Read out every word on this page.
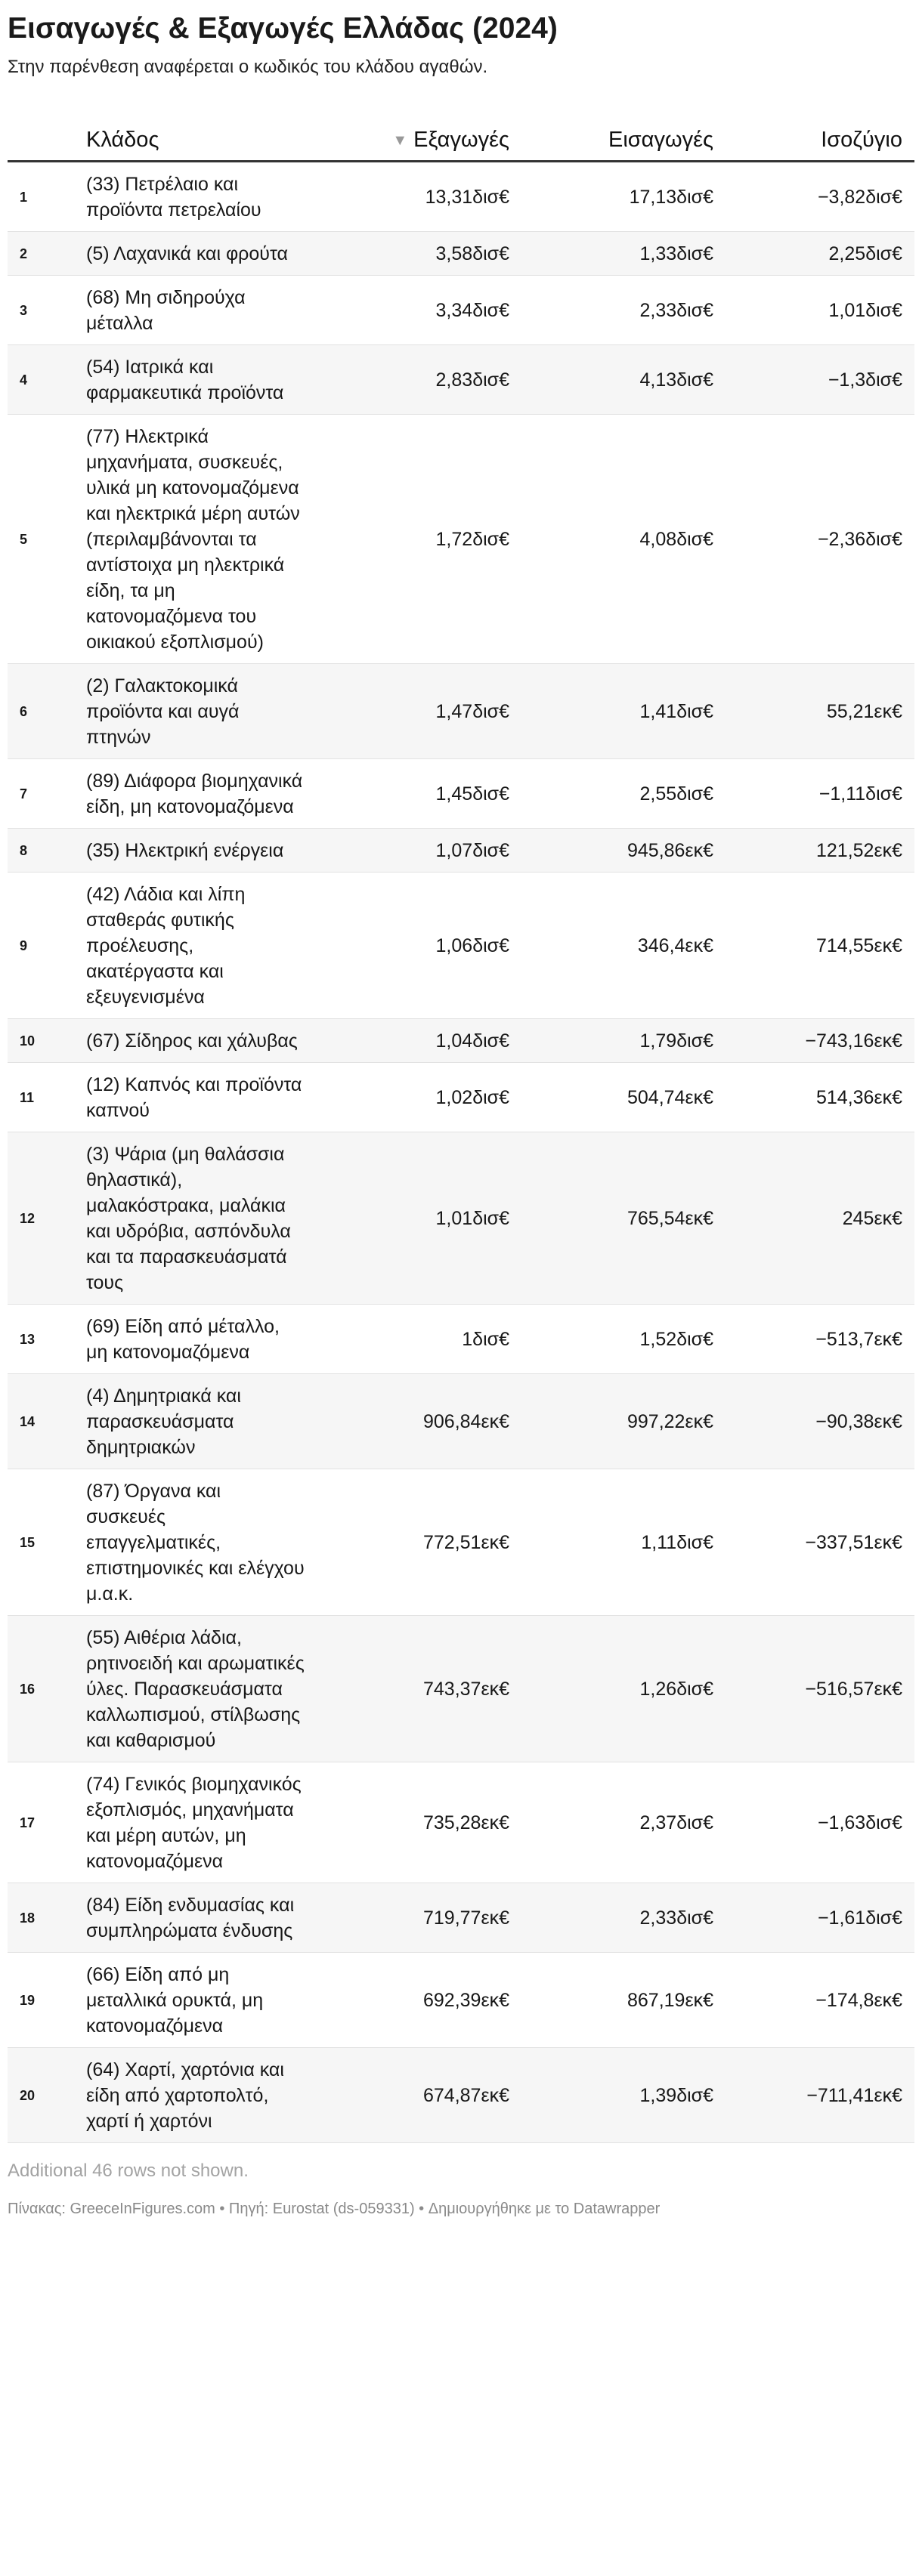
Εισαγωγές & Εξαγωγές Ελλάδας (2024)
Στην παρένθεση αναφέρεται ο κωδικός του κλάδου αγαθών.
	Κλάδος	▼ Εξαγωγές	Εισαγωγές	Ισοζύγιο
1	(33) Πετρέλαιο και προϊόντα πετρελαίου	13,31δισ€	17,13δισ€	−3,82δισ€
2	(5) Λαχανικά και φρούτα	3,58δισ€	1,33δισ€	2,25δισ€
3	(68) Μη σιδηρούχα μέταλλα	3,34δισ€	2,33δισ€	1,01δισ€
4	(54) Ιατρικά και φαρμακευτικά προϊόντα	2,83δισ€	4,13δισ€	−1,3δισ€
5	(77) Ηλεκτρικά μηχανήματα, συσκευές, υλικά μη κατονομαζόμενα και ηλεκτρικά μέρη αυτών (περιλαμβάνονται τα αντίστοιχα μη ηλεκτρικά είδη, τα μη κατονομαζόμενα του οικιακού εξοπλισμού)	1,72δισ€	4,08δισ€	−2,36δισ€
6	(2) Γαλακτοκομικά προϊόντα και αυγά πτηνών	1,47δισ€	1,41δισ€	55,21εκ€
7	(89) Διάφορα βιομηχανικά είδη, μη κατονομαζόμενα	1,45δισ€	2,55δισ€	−1,11δισ€
8	(35) Ηλεκτρική ενέργεια	1,07δισ€	945,86εκ€	121,52εκ€
9	(42) Λάδια και λίπη σταθεράς φυτικής προέλευσης, ακατέργαστα και εξευγενισμένα	1,06δισ€	346,4εκ€	714,55εκ€
10	(67) Σίδηρος και χάλυβας	1,04δισ€	1,79δισ€	−743,16εκ€
11	(12) Καπνός και προϊόντα καπνού	1,02δισ€	504,74εκ€	514,36εκ€
12	(3) Ψάρια (μη θαλάσσια θηλαστικά), μαλακόστρακα, μαλάκια και υδρόβια, ασπόνδυλα και τα παρασκευάσματά τους	1,01δισ€	765,54εκ€	245εκ€
13	(69) Είδη από μέταλλο, μη κατονομαζόμενα	1δισ€	1,52δισ€	−513,7εκ€
14	(4) Δημητριακά και παρασκευάσματα δημητριακών	906,84εκ€	997,22εκ€	−90,38εκ€
15	(87) Όργανα και συσκευές επαγγελματικές, επιστημονικές και ελέγχου μ.α.κ.	772,51εκ€	1,11δισ€	−337,51εκ€
16	(55) Αιθέρια λάδια, ρητινοειδή και αρωματικές ύλες. Παρασκευάσματα καλλωπισμού, στίλβωσης και καθαρισμού	743,37εκ€	1,26δισ€	−516,57εκ€
17	(74) Γενικός βιομηχανικός εξοπλισμός, μηχανήματα και μέρη αυτών, μη κατονομαζόμενα	735,28εκ€	2,37δισ€	−1,63δισ€
18	(84) Είδη ενδυμασίας και συμπληρώματα ένδυσης	719,77εκ€	2,33δισ€	−1,61δισ€
19	(66) Είδη από μη μεταλλικά ορυκτά, μη κατονομαζόμενα	692,39εκ€	867,19εκ€	−174,8εκ€
20	(64) Χαρτί, χαρτόνια και είδη από χαρτοπολτό, χαρτί ή χαρτόνι	674,87εκ€	1,39δισ€	−711,41εκ€
Additional 46 rows not shown.
Πίνακας: GreeceInFigures.com • Πηγή: Eurostat (ds-059331) • Δημιουργήθηκε με το Datawrapper
